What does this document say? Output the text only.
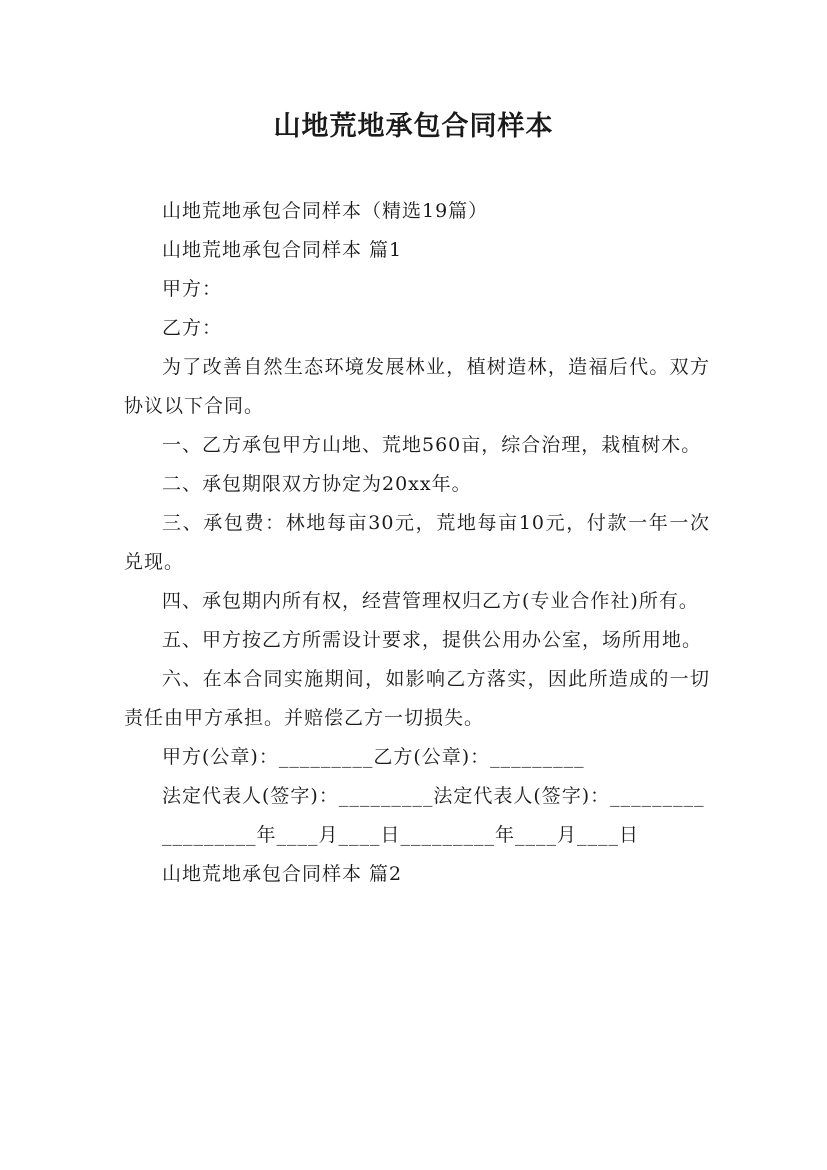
山地荒地承包合同样本

山地荒地承包合同样本（精选19篇）

山地荒地承包合同样本 篇1

甲方：

乙方：

为了改善自然生态环境发展林业，植树造林，造福后代。双方协议以下合同。

一、乙方承包甲方山地、荒地560亩，综合治理，栽植树木。

二、承包期限双方协定为20xx年。

三、承包费：林地每亩30元，荒地每亩10元，付款一年一次兑现。

四、承包期内所有权，经营管理权归乙方(专业合作社)所有。

五、甲方按乙方所需设计要求，提供公用办公室，场所用地。

六、在本合同实施期间，如影响乙方落实，因此所造成的一切责任由甲方承担。并赔偿乙方一切损失。

甲方(公章)：_________乙方(公章)：_________

法定代表人(签字)：_________法定代表人(签字)：_________

_________年____月____日_________年____月____日

山地荒地承包合同样本 篇2
